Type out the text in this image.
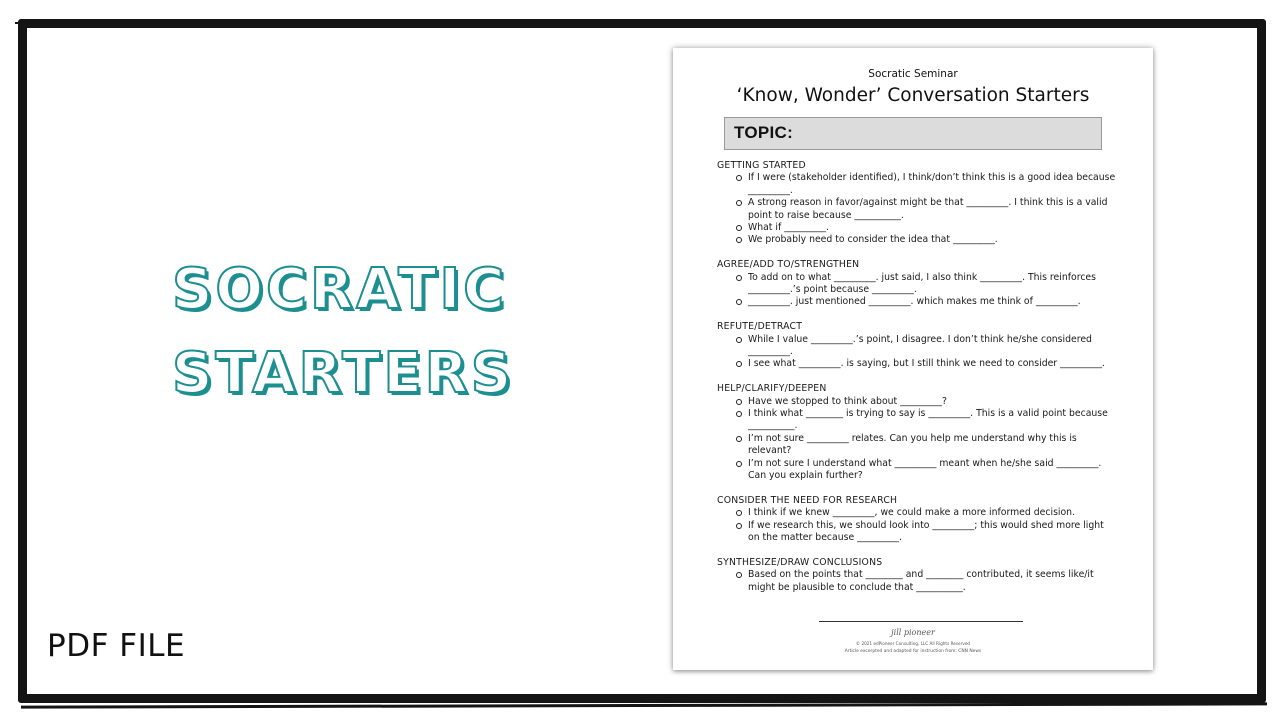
SOCRATIC
STARTERS
PDF FILE
Socratic Seminar
‘Know, Wonder’ Conversation Starters
TOPIC:
GETTING STARTED
If I were (stakeholder identified), I think/don’t think this is a good idea because _________.
A strong reason in favor/against might be that _________. I think this is a valid point to raise because __________.
What if _________.
We probably need to consider the idea that _________.
AGREE/ADD TO/STRENGTHEN
To add on to what _________. just said, I also think _________. This reinforces _________.’s point because _________.
_________. just mentioned _________. which makes me think of _________.
REFUTE/DETRACT
While I value _________.’s point, I disagree. I don’t think he/she considered _________.
I see what _________. is saying, but I still think we need to consider _________.
HELP/CLARIFY/DEEPEN
Have we stopped to think about _________?
I think what ________ is trying to say is _________. This is a valid point because __________.
I’m not sure _________ relates. Can you help me understand why this is relevant?
I’m not sure I understand what _________ meant when he/she said _________. Can you explain further?
CONSIDER THE NEED FOR RESEARCH
I think if we knew _________, we could make a more informed decision.
If we research this, we should look into _________; this would shed more light on the matter because _________.
SYNTHESIZE/DRAW CONCLUSIONS
Based on the points that ________ and ________ contributed, it seems like/it might be plausible to conclude that __________.
jill pioneer
© 2021 edPioneer Consulting, LLC All Rights Reserved
Article excerpted and adapted for instruction from: CNN News
